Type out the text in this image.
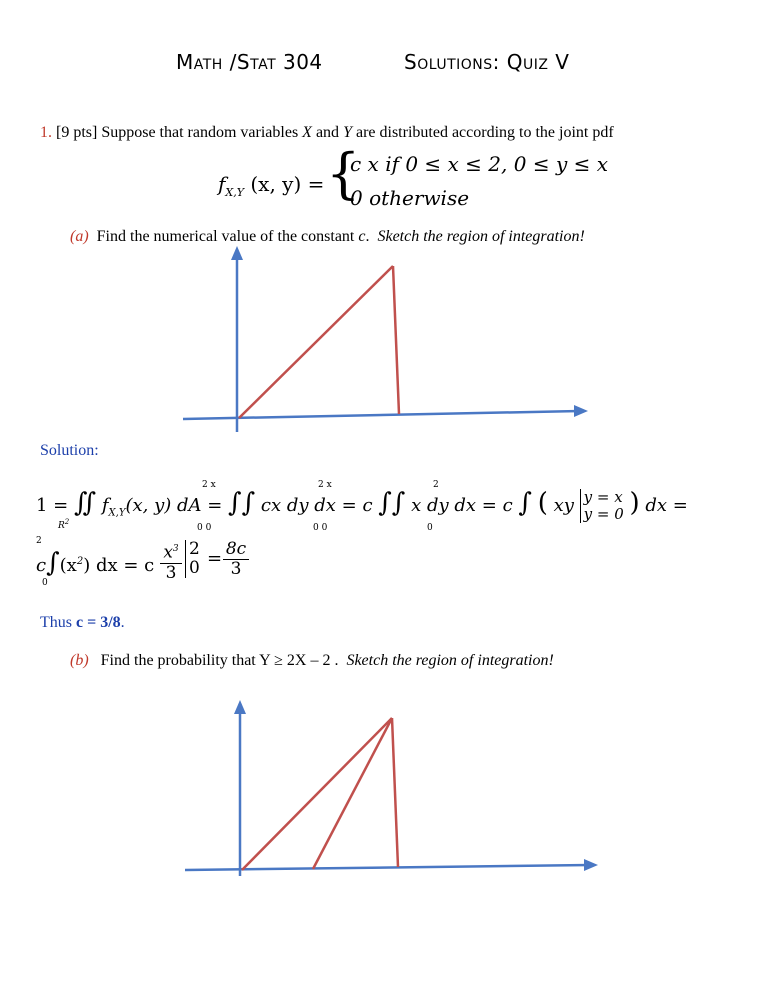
Math /Stat 304	Solutions: Quiz V
1. [9 pts] Suppose that random variables X and Y are distributed according to the joint pdf
$f_{X,Y}$ (x, y) = {
c x if 0 ≤ x ≤ 2, 0 ≤ y ≤ x
0 otherwise
(a) Find the numerical value of the constant c. Sketch the region of integration!
Solution:
1 = ∬ $f_{X,Y}(x$, y) dA = ∫∫ cx dy dx = c ∫∫ x dy dx = c ∫ ( xy y = x
y = 0 ) dx =
2 x	2 x	2
$R^2$
0 0	0 0	0
2
$c\int(x^2)$ dx = c
0
$x^3$
3
2
$0 = \frac{8c}{3}$
Thus c = 3/8.
(b) Find the probability that Y ≥ 2X – 2 . Sketch the region of integration!
